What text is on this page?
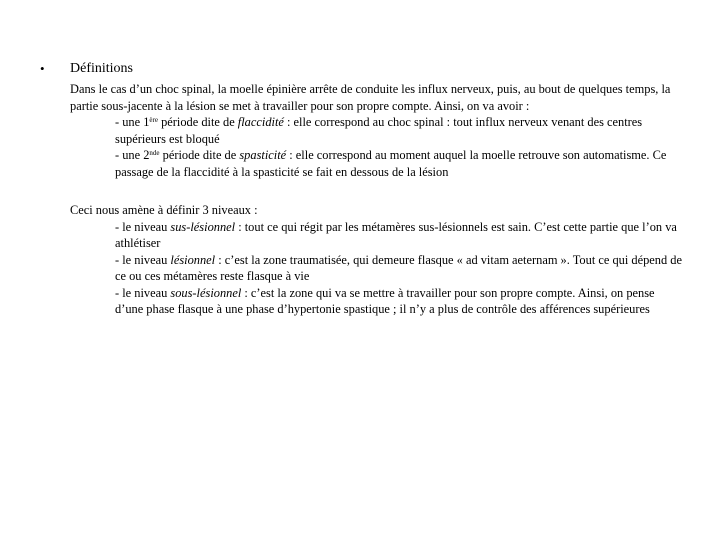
• Définitions

Dans le cas d’un choc spinal, la moelle épinière arrête de conduite les influx nerveux, puis, au bout de quelques temps, la partie sous-jacente à la lésion se met à travailler pour son propre compte. Ainsi, on va avoir :

- une 1ère période dite de flaccidité : elle correspond au choc spinal : tout influx nerveux venant des centres supérieurs est bloqué

- une 2nde période dite de spasticité : elle correspond au moment auquel la moelle retrouve son automatisme. Ce passage de la flaccidité à la spasticité se fait en dessous de la lésion

Ceci nous amène à définir 3 niveaux :

- le niveau sus-lésionnel : tout ce qui régit par les métamères sus-lésionnels est sain. C’est cette partie que l’on va athlétiser

- le niveau lésionnel : c’est la zone traumatisée, qui demeure flasque « ad vitam aeternam ». Tout ce qui dépend de ce ou ces métamères reste flasque à vie

- le niveau sous-lésionnel : c’est la zone qui va se mettre à travailler pour son propre compte. Ainsi, on pense d’une phase flasque à une phase d’hypertonie spastique ; il n’y a plus de contrôle des afférences supérieures
